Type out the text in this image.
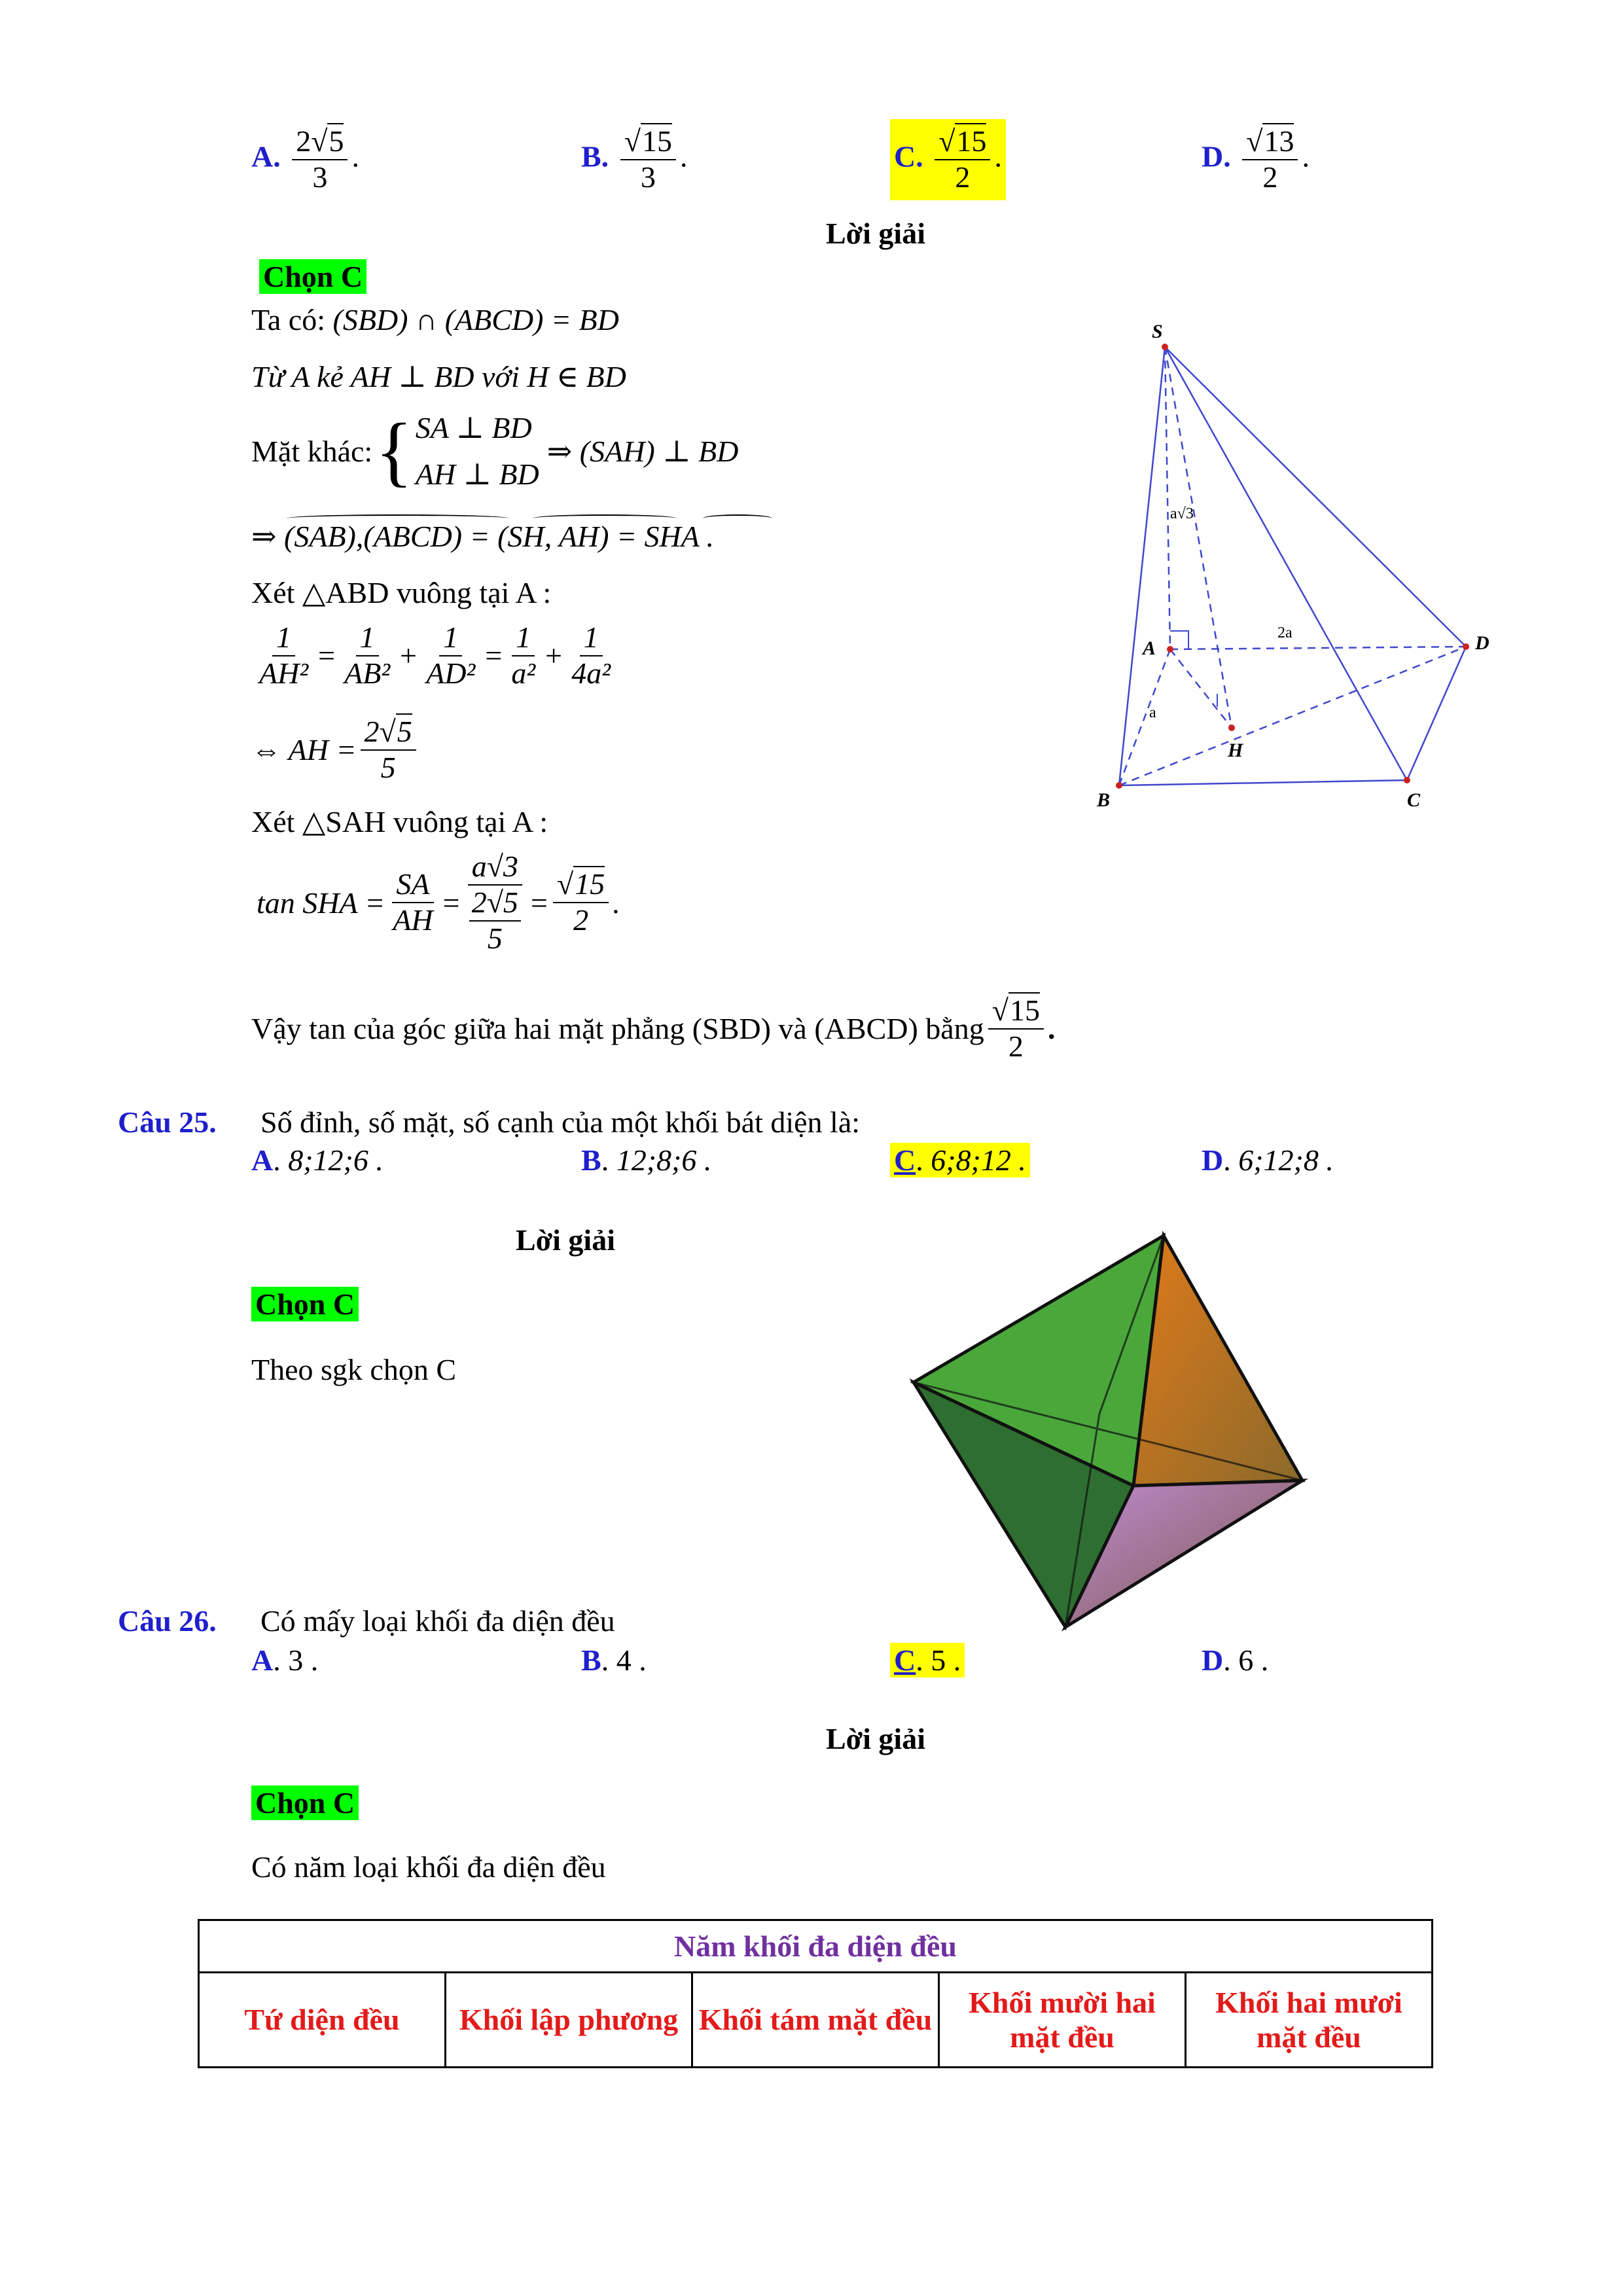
A. $\frac{2√5}{3}$ .	B. $\frac{√15}{3}$ .	C. $\frac{√15}{2}$ .	D. $\frac{√13}{2}$ .
Lời giải
Chọn C
Ta có: (SBD) ∩ (ABCD) = BD
Từ A kẻ AH ⊥ BD với H ∈ BD
Mặt khác: { SA ⊥ BD
AH ⊥ BD
⇒ (SAH) ⊥ BD
⇒ (SAB),(ABCD) = (SH, AH) = SHA .
Xét △ABD vuông tại A :
$\frac{1}{\text{AH²}} = \frac{1}{\text{AB²}} + \frac{1}{\text{AD²}} = \frac{1}{\text{a²}} + \frac{1}{\text{4a²}}$
⇔ AH = $\frac{2√5}{5}$
Xét △SAH vuông tại A :
tan SHA = $\frac{SA}{AH} = a√3$
2√5
$5 = \frac{√15}{2}$ .
Vậy tan của góc giữa hai mặt phẳng (SBD) và (ABCD) bằng $\frac{√15}{2}$ .
S
A
B	C
D
H
a√3
2a
a
Câu 25. Số đỉnh, số mặt, số cạnh của một khối bát diện là:
A. 8;12;6 .	B. 12;8;6 .	C. 6;8;12 .	D. 6;12;8 .
Lời giải
Chọn C
Theo sgk chọn C
Câu 26. Có mấy loại khối đa diện đều
A. 3 .	B. 4 .	C. 5 .	D. 6 .
Lời giải
Chọn C
Có năm loại khối đa diện đều
Năm khối đa diện đều
Tứ diện đều	Khối lập phương	Khối tám mặt đều	Khối mười hai mặt đều	Khối hai mươi mặt đều
